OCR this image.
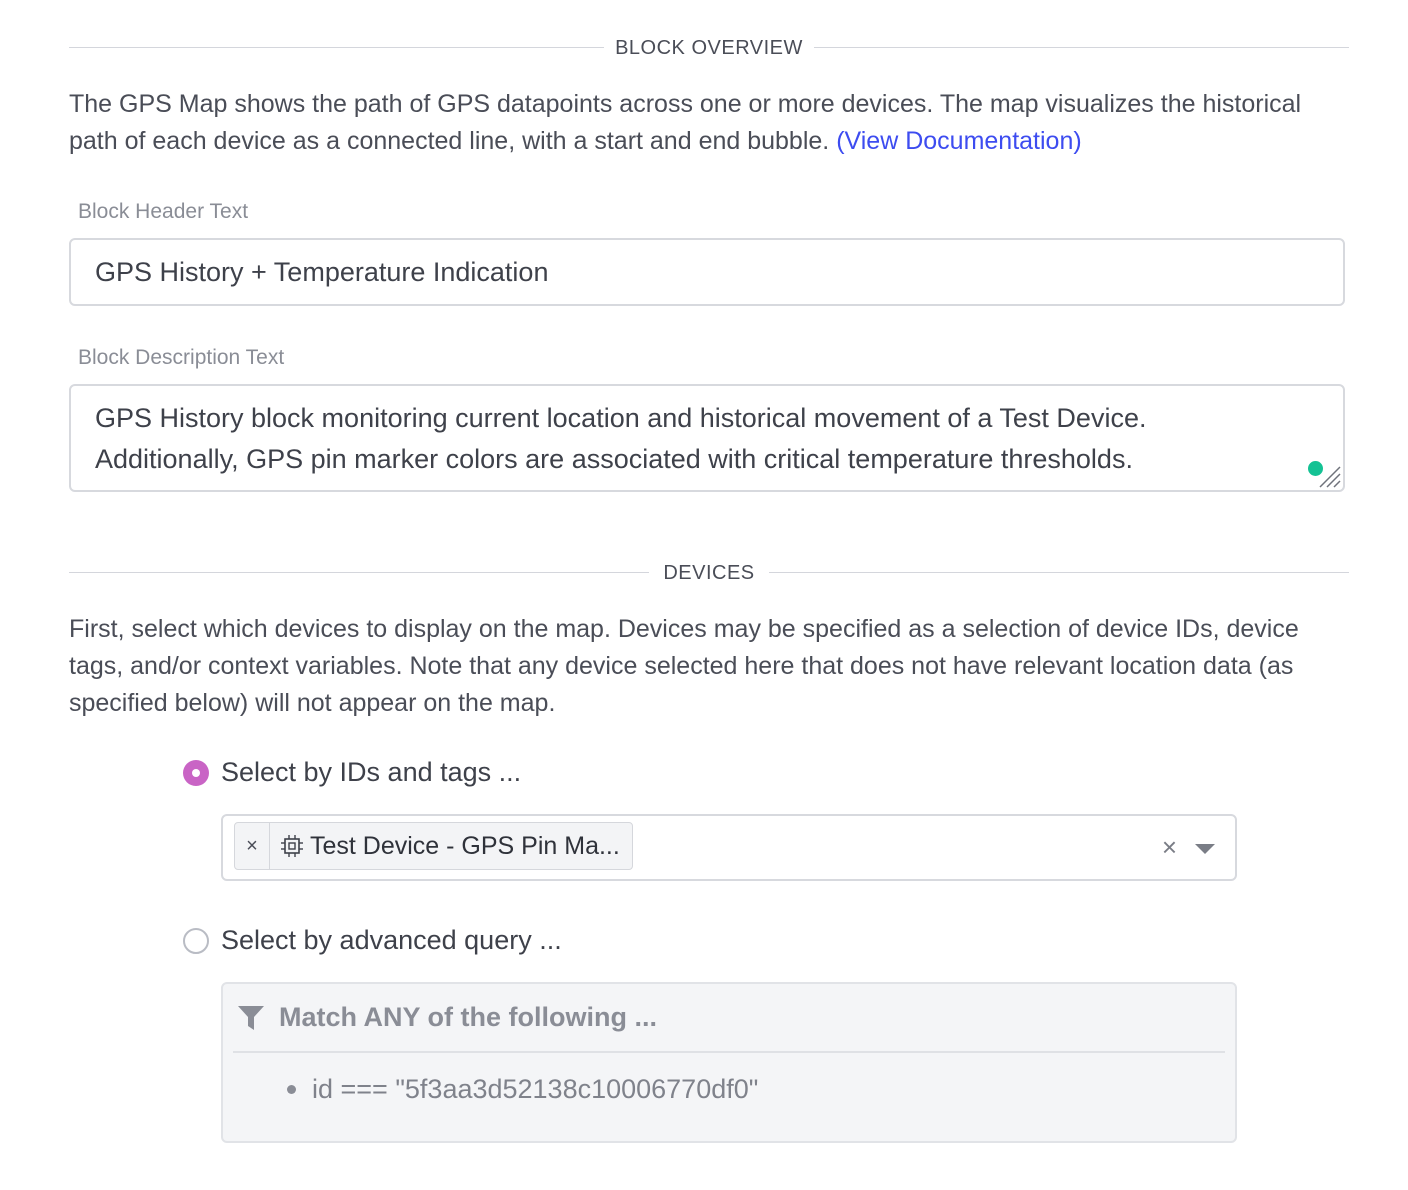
BLOCK OVERVIEW
The GPS Map shows the path of GPS datapoints across one or more devices. The map visualizes the historical path of each device as a connected line, with a start and end bubble. (View Documentation)
Block Header Text
GPS History + Temperature Indication
Block Description Text
GPS History block monitoring current location and historical movement of a Test Device.
Additionally, GPS pin marker colors are associated with critical temperature thresholds.
DEVICES
First, select which devices to display on the map. Devices may be specified as a selection of device IDs, device tags, and/or context variables. Note that any device selected here that does not have relevant location data (as specified below) will not appear on the map.
Select by IDs and tags ...
×	Test Device - GPS Pin Ma...	×
Select by advanced query ...
Match ANY of the following ...
id === "5f3aa3d52138c10006770df0"
